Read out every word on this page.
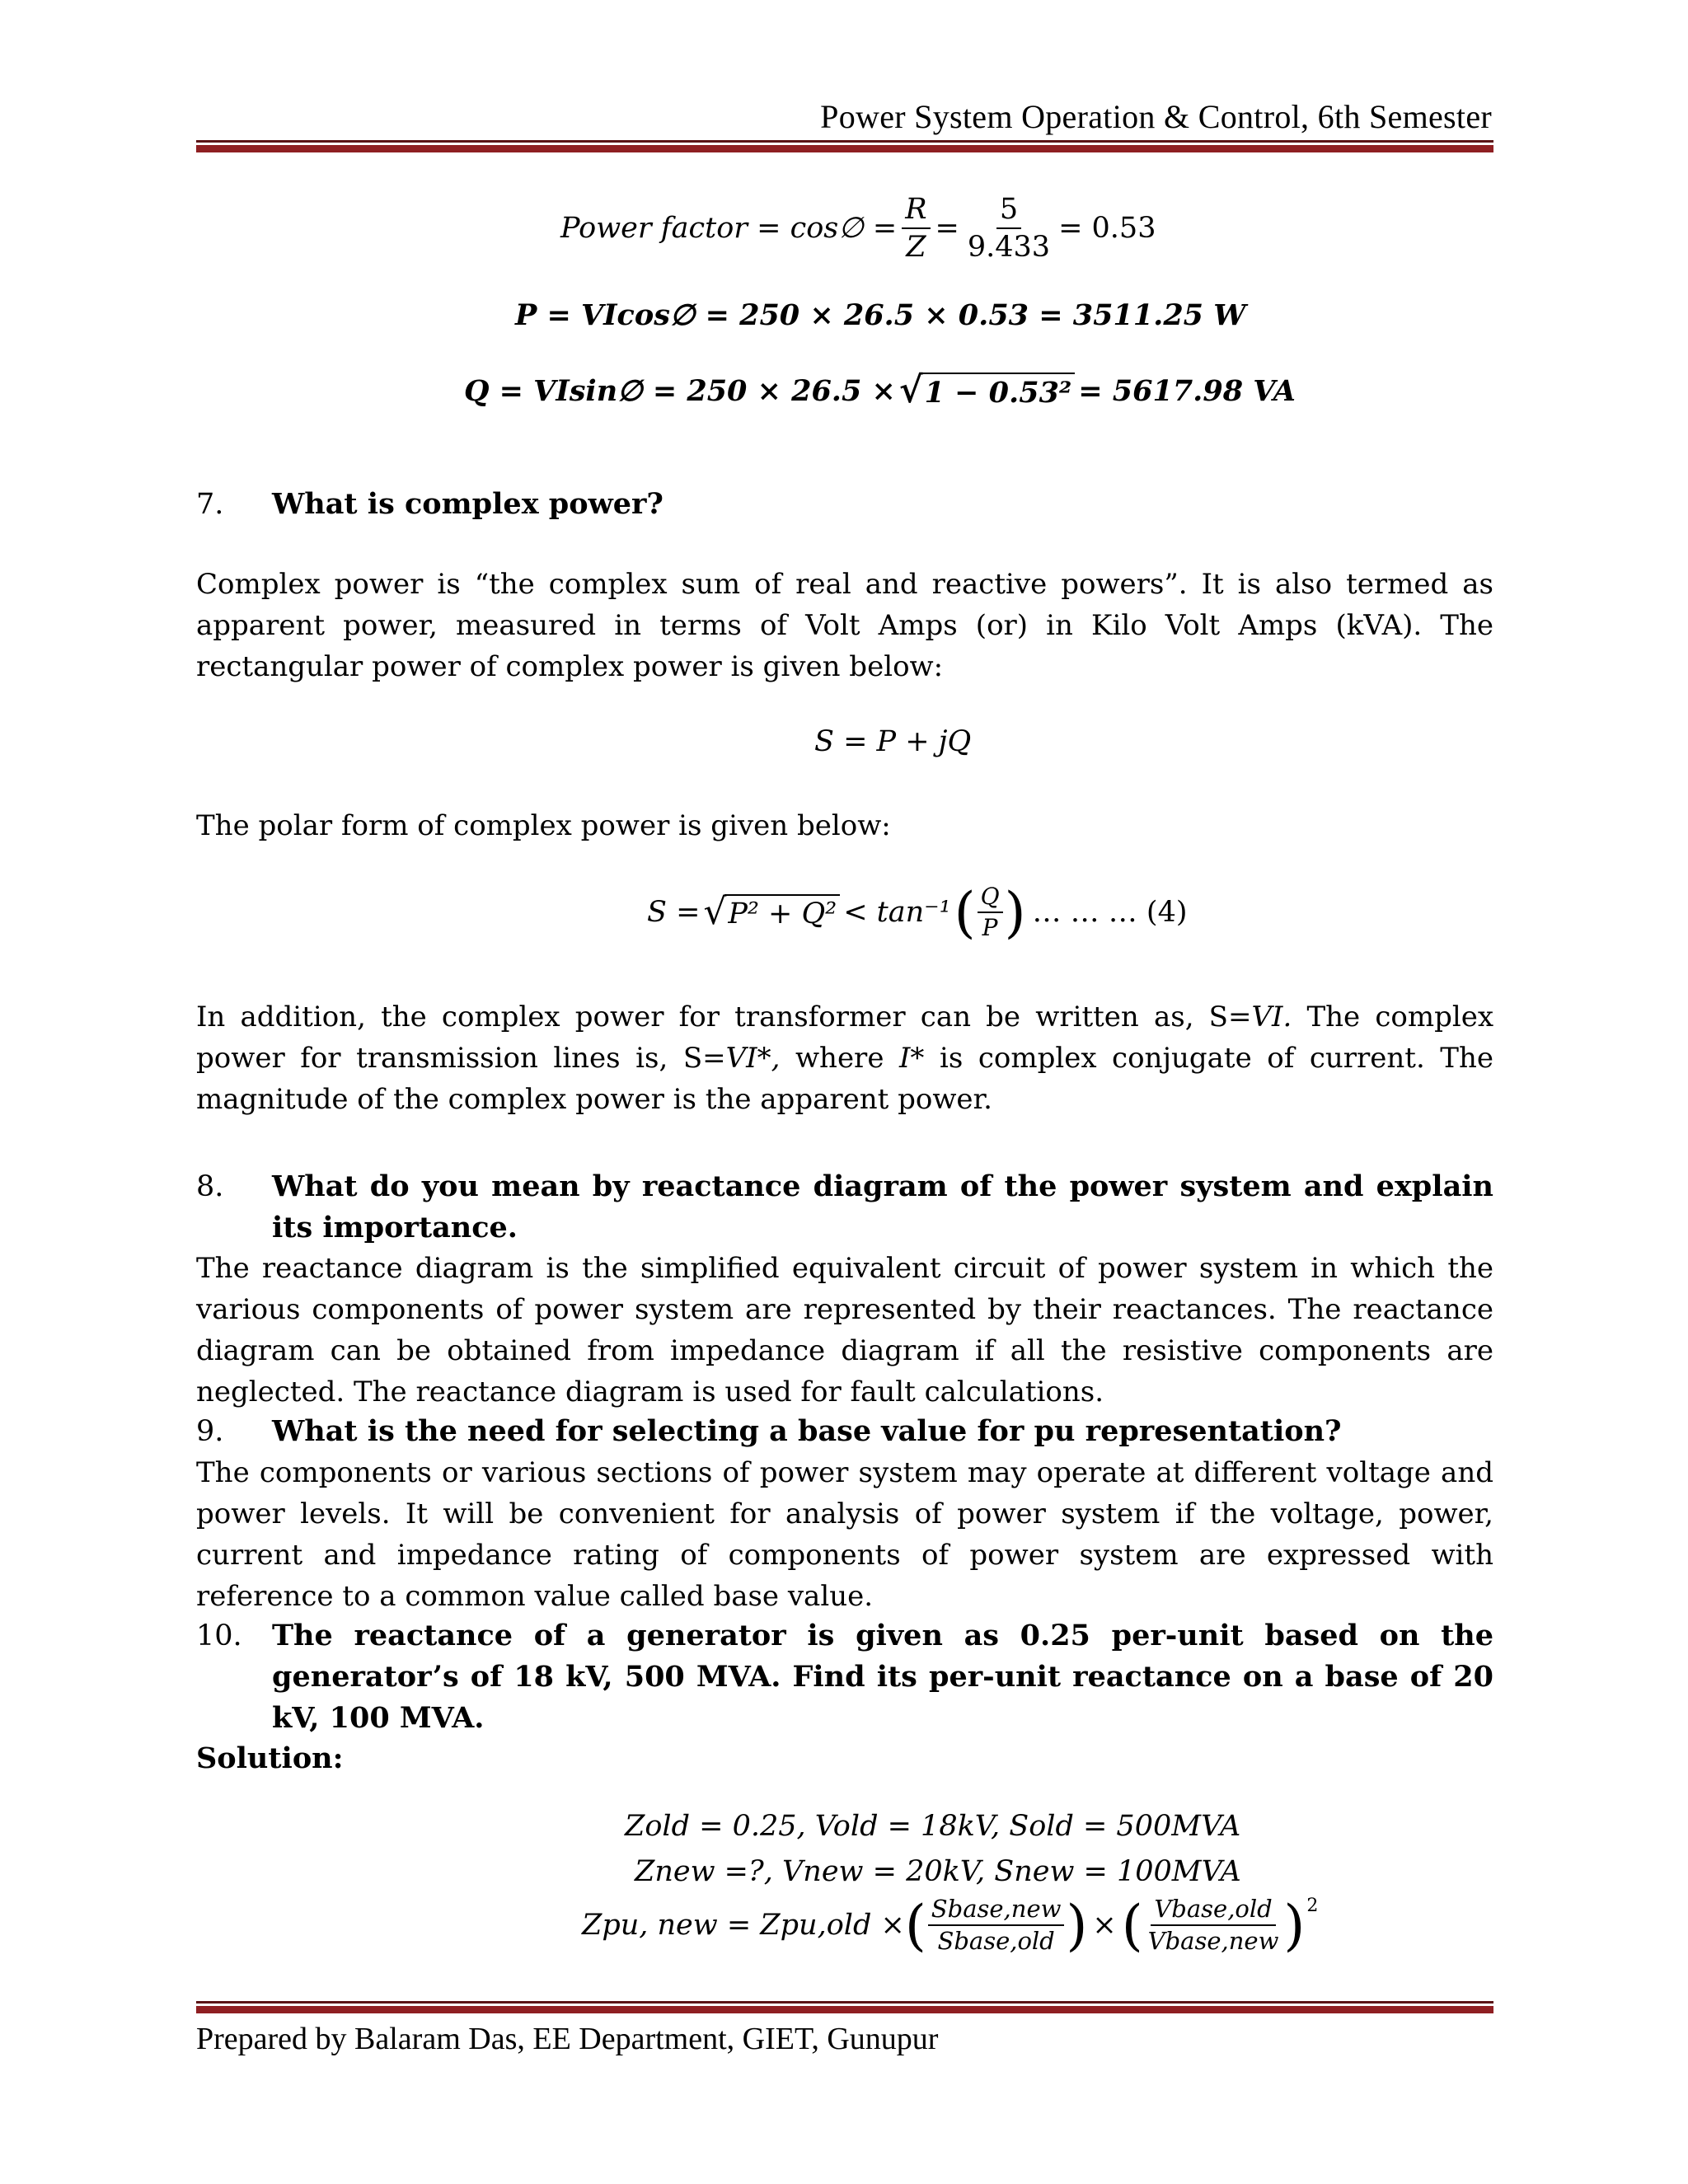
Power System Operation & Control, 6th Semester
Power factor = cos∅ = $\frac{R}{Z} = \frac{5}{9.433} = 0.53$
P = VIcos∅ = 250 × 26.5 × 0.53 = 3511.25 W
Q = VIsin∅ = 250 × 26.5 × √ 1 − 0.53² = 5617.98 VA
7. What is complex power?
Complex power is “the complex sum of real and reactive powers”. It is also termed as apparent power, measured in terms of Volt Amps (or) in Kilo Volt Amps (kVA). The rectangular power of complex power is given below:
S = P + jQ
The polar form of complex power is given below:
S = √ P² + Q² < tan⁻¹ ( $\frac{Q}{P}$ ) … … … (4)
In addition, the complex power for transformer can be written as, S=VI. The complex power for transmission lines is, S=VI*, where I* is complex conjugate of current. The magnitude of the complex power is the apparent power.
8. What do you mean by reactance diagram of the power system and explain its importance.
The reactance diagram is the simplified equivalent circuit of power system in which the various components of power system are represented by their reactances. The reactance diagram can be obtained from impedance diagram if all the resistive components are neglected. The reactance diagram is used for fault calculations.
9. What is the need for selecting a base value for pu representation?
The components or various sections of power system may operate at different voltage and power levels. It will be convenient for analysis of power system if the voltage, power, current and impedance rating of components of power system are expressed with reference to a common value called base value.
10. The reactance of a generator is given as 0.25 per-unit based on the generator’s of 18 kV, 500 MVA. Find its per-unit reactance on a base of 20 kV, 100 MVA.
Solution:
Zold = 0.25, Vold = 18kV, Sold = 500MVA
Znew =?, Vnew = 20kV, Snew = 100MVA
Zpu, new = Zpu,old × ( $\frac{\text{Sbase,new}}{\text{Sbase,old}}$ ) × ( $\frac{\text{Vbase,old}}{\text{Vbase,new}}$ ) 2
Prepared by Balaram Das, EE Department, GIET, Gunupur
